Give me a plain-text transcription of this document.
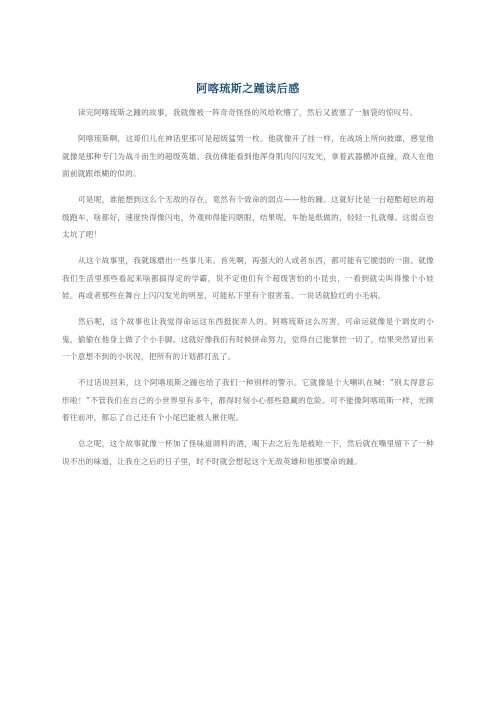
阿喀琉斯之踵读后感

读完阿喀琉斯之踵的故事，我就像被一阵奇奇怪怪的风给吹懵了，然后又被塞了一脑袋的惊叹号。

阿喀琉斯啊，这哥们儿在神话里那可是超级猛男一枚。他就像开了挂一样，在战场上所向披靡，感觉他就像是那种专门为战斗而生的超级英雄。我仿佛能看到他浑身肌肉闪闪发光，拿着武器横冲直撞，敌人在他面前就跟纸糊的似的。

可是呢，谁能想到这么个无敌的存在，竟然有个致命的弱点——他的踵。这就好比是一台超酷超炫的超级跑车，啥都好，速度快得像闪电，外观帅得能闪瞎眼，结果呢，车胎是纸做的，轻轻一扎就爆。这弱点也太坑了吧！

从这个故事里，我就琢磨出一些事儿来。首先啊，再强大的人或者东西，都可能有它脆弱的一面。就像我们生活里那些看起来啥都搞得定的学霸，说不定他们有个超级害怕的小昆虫，一看到就尖叫得像个小娃娃。再或者那些在舞台上闪闪发光的明星，可能私下里有个很害羞、一说话就脸红的小毛病。

然后呢，这个故事也让我觉得命运这东西挺捉弄人的。阿喀琉斯这么厉害，可命运就像是个调皮的小鬼，偷偷在他身上做了个小手脚。这就好像我们有时候拼命努力，觉得自己能掌控一切了，结果突然冒出来一个意想不到的小状况，把所有的计划都打乱了。

不过话说回来，这个阿喀琉斯之踵也给了我们一种别样的警示。它就像是个大喇叭在喊：“别太得意忘形啦！”不管我们在自己的小世界里有多牛，都得时刻小心那些隐藏的危险。可不能像阿喀琉斯一样，光顾着往前冲，都忘了自己还有个小尾巴能被人揪住呢。

总之呢，这个故事就像一杯加了怪味道调料的酒，喝下去之后先是被呛一下，然后就在嘴里留下了一种说不出的味道，让我在之后的日子里，时不时就会想起这个无敌英雄和他那要命的踵。
